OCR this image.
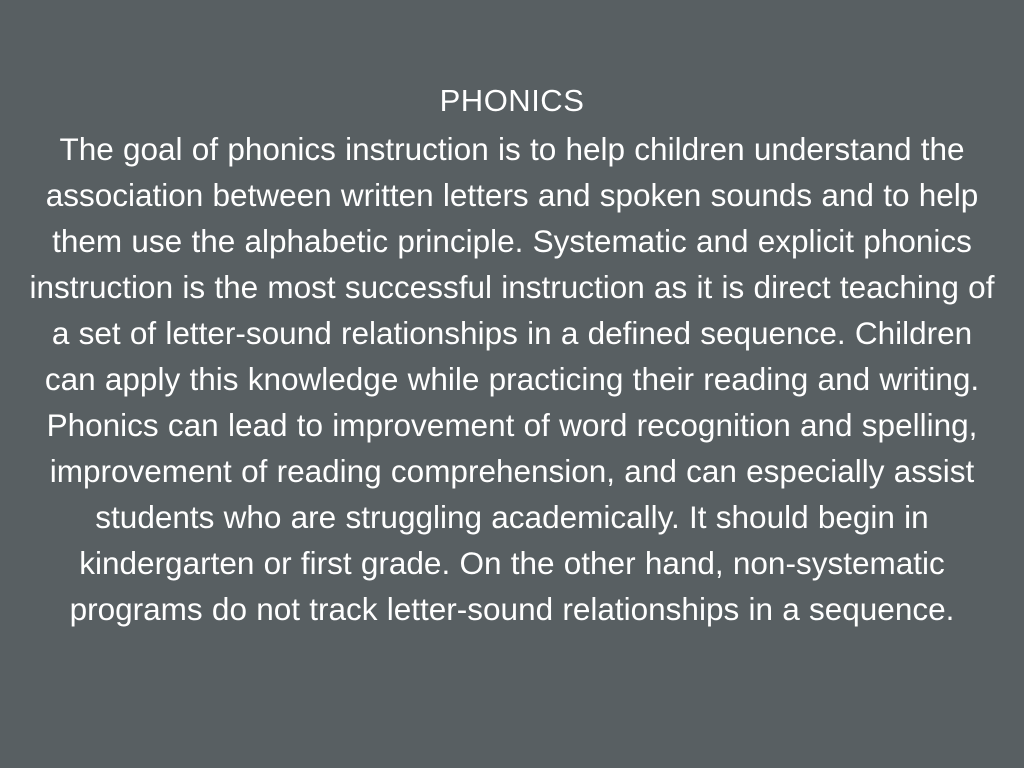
PHONICS

The goal of phonics instruction is to help children understand the association between written letters and spoken sounds and to help them use the alphabetic principle. Systematic and explicit phonics instruction is the most successful instruction as it is direct teaching of a set of letter-sound relationships in a defined sequence. Children can apply this knowledge while practicing their reading and writing. Phonics can lead to improvement of word recognition and spelling, improvement of reading comprehension, and can especially assist students who are struggling academically. It should begin in kindergarten or first grade. On the other hand, non-systematic programs do not track letter-sound relationships in a sequence.
